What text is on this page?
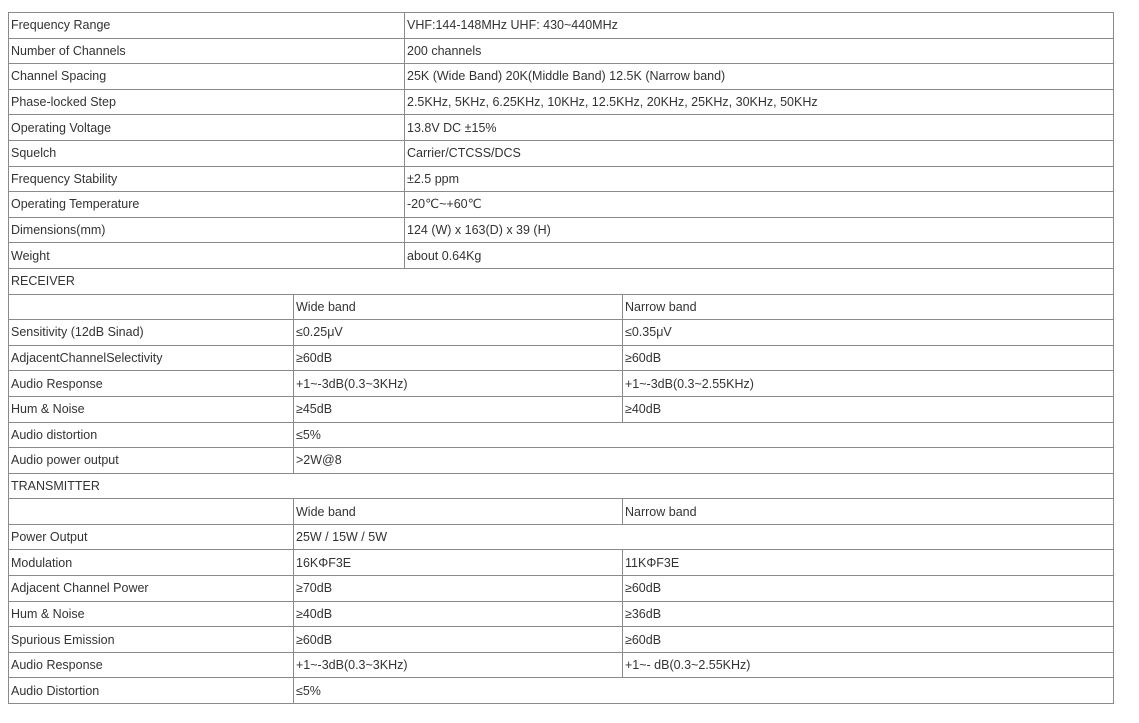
Frequency Range		VHF:144-148MHz UHF: 430~440MHz	
Number of Channels		200 channels	
Channel Spacing		25K (Wide Band) 20K(Middle Band) 12.5K (Narrow band)	
Phase-locked Step		2.5KHz, 5KHz, 6.25KHz, 10KHz, 12.5KHz, 20KHz, 25KHz, 30KHz, 50KHz	
Operating Voltage		13.8V DC ±15%	
Squelch		Carrier/CTCSS/DCS	
Frequency Stability		±2.5 ppm	
Operating Temperature		-20℃~+60℃	
Dimensions(mm)		124 (W) x 163(D) x 39 (H)	
Weight		about 0.64Kg	
RECEIVER			
	Wide band		Narrow band
Sensitivity (12dB Sinad)	≤0.25μV		≤0.35μV
AdjacentChannelSelectivity	≥60dB		≥60dB
Audio Response	+1~-3dB(0.3~3KHz)		+1~-3dB(0.3~2.55KHz)
Hum & Noise	≥45dB		≥40dB
Audio distortion	≤5%		
Audio power output	>2W@8		
TRANSMITTER			
	Wide band		Narrow band
Power Output	25W / 15W / 5W		
Modulation	16KΦF3E		11KΦF3E
Adjacent Channel Power	≥70dB		≥60dB
Hum & Noise	≥40dB		≥36dB
Spurious Emission	≥60dB		≥60dB
Audio Response	+1~-3dB(0.3~3KHz)		+1~- dB(0.3~2.55KHz)
Audio Distortion	≤5%		
